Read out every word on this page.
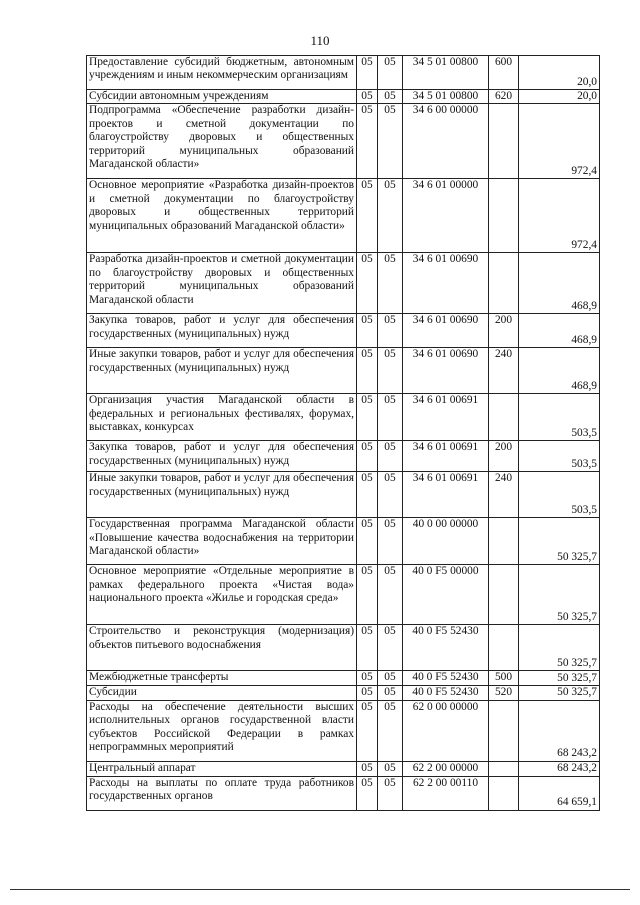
110
Предоставление субсидий бюджетным, автономным учреждениям и иным некоммерческим организациям	05	05	34 5 01 00800	600	20,0
Субсидии автономным учреждениям	05	05	34 5 01 00800	620	20,0
Подпрограмма «Обеспечение разработки дизайн-проектов и сметной документации по благоустройству дворовых и общественных территорий муниципальных образований Магаданской области»	05	05	34 6 00 00000		972,4
Основное мероприятие «Разработка дизайн-проектов и сметной документации по благоустройству дворовых и общественных территорий муниципальных образований Магаданской области»	05	05	34 6 01 00000		972,4
Разработка дизайн-проектов и сметной документации по благоустройству дворовых и общественных территорий муниципальных образований Магаданской области	05	05	34 6 01 00690		468,9
Закупка товаров, работ и услуг для обеспечения государственных (муниципальных) нужд	05	05	34 6 01 00690	200	468,9
Иные закупки товаров, работ и услуг для обеспечения государственных (муниципальных) нужд	05	05	34 6 01 00690	240	468,9
Организация участия Магаданской области в федеральных и региональных фестивалях, форумах, выставках, конкурсах	05	05	34 6 01 00691		503,5
Закупка товаров, работ и услуг для обеспечения государственных (муниципальных) нужд	05	05	34 6 01 00691	200	503,5
Иные закупки товаров, работ и услуг для обеспечения государственных (муниципальных) нужд	05	05	34 6 01 00691	240	503,5
Государственная программа Магаданской области «Повышение качества водоснабжения на территории Магаданской области»	05	05	40 0 00 00000		50 325,7
Основное мероприятие «Отдельные мероприятие в рамках федерального проекта «Чистая вода» национального проекта «Жилье и городская среда»	05	05	40 0 F5 00000		50 325,7
Строительство и реконструкция (модернизация) объектов питьевого водоснабжения	05	05	40 0 F5 52430		50 325,7
Межбюджетные трансферты	05	05	40 0 F5 52430	500	50 325,7
Субсидии	05	05	40 0 F5 52430	520	50 325,7
Расходы на обеспечение деятельности высших исполнительных органов государственной власти субъектов Российской Федерации в рамках непрограммных мероприятий	05	05	62 0 00 00000		68 243,2
Центральный аппарат	05	05	62 2 00 00000		68 243,2
Расходы на выплаты по оплате труда работников государственных органов	05	05	62 2 00 00110		64 659,1
